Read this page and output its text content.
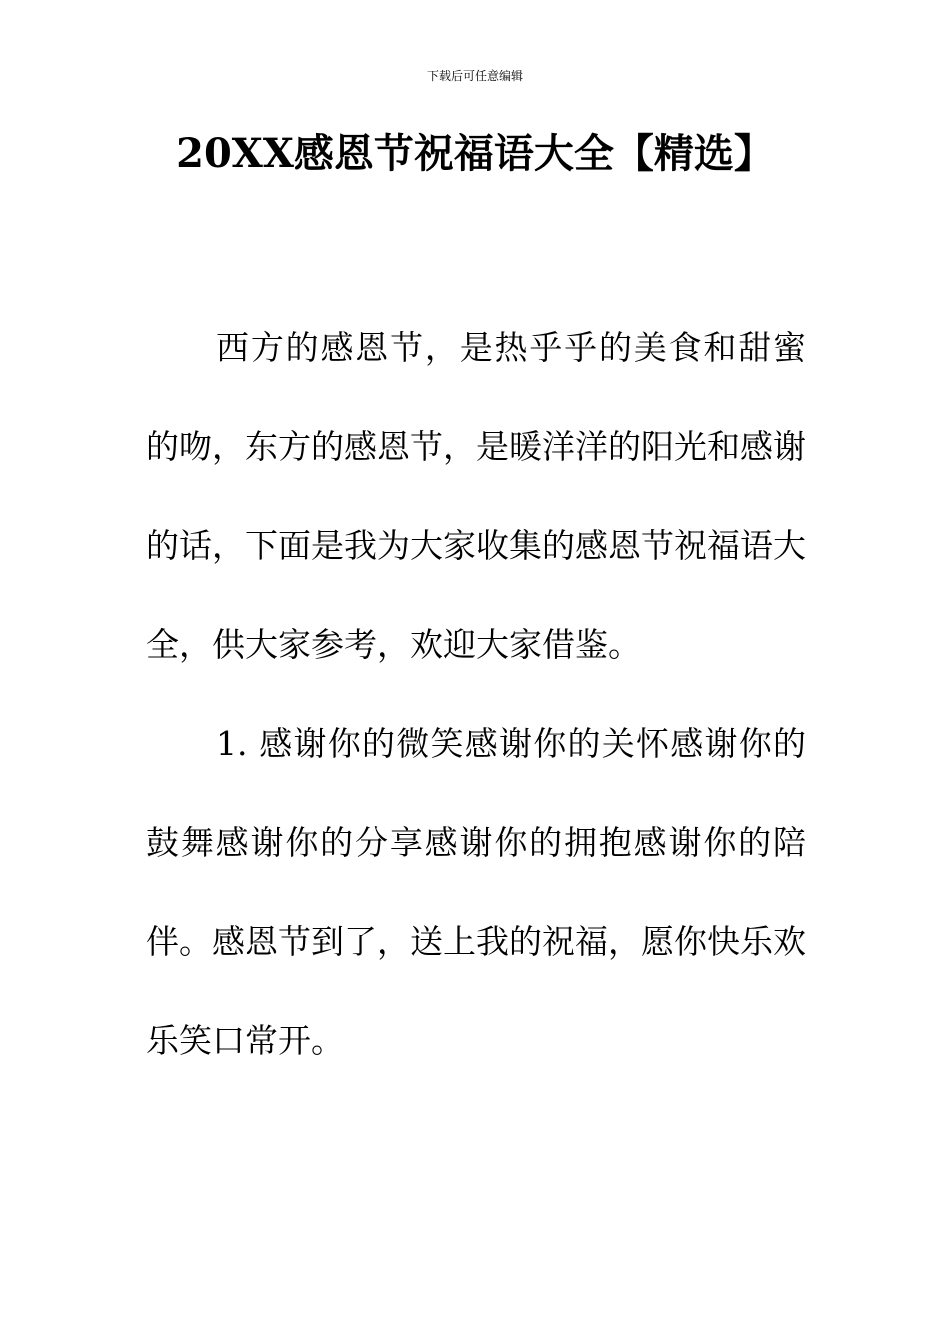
下载后可任意编辑
20XX感恩节祝福语大全【精选】

西方的感恩节，是热乎乎的美食和甜蜜的吻，东方的感恩节，是暖洋洋的阳光和感谢的话，下面是我为大家收集的感恩节祝福语大全，供大家参考，欢迎大家借鉴。

1. 感谢你的微笑感谢你的关怀感谢你的鼓舞感谢你的分享感谢你的拥抱感谢你的陪伴。感恩节到了，送上我的祝福，愿你快乐欢乐笑口常开。
